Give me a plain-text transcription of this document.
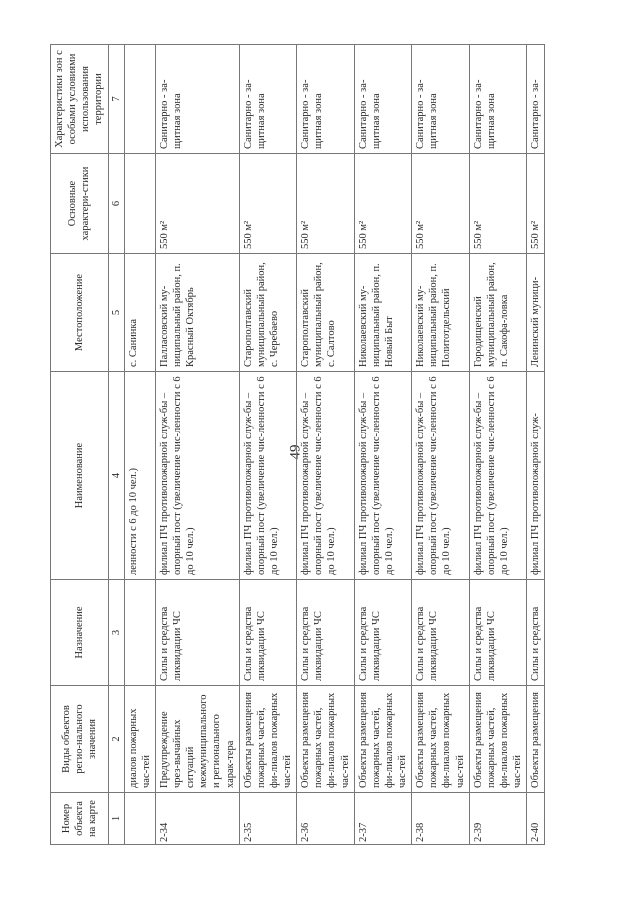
49
Номер объекта на карте	Виды объектов регио-нального значения	Назначение	Наименование	Местоположение	Основные характери-стики	Характеристики зон с особыми условиями использования территории
1	2	3	4	5	6	7
	диалов пожарных час-тей		ленности с 6 до 10 чел.)	с. Санинка		
2-34	Предупреждение чрез-вычайных ситуаций межмуниципального и регионального харак-тера	Силы и средства ликвидации ЧС	филиал ПЧ противопожарной служ-бы – опорный пост (увеличение чис-ленности с 6 до 10 чел.)	Палласовский му-ниципальный район, п. Красный Октябрь	550 м²	Санитарно - за-щитная зона
2-35	Объекты размещения пожарных частей, фи-лиалов пожарных час-тей	Силы и средства ликвидации ЧС	филиал ПЧ противопожарной служ-бы – опорный пост (увеличение чис-ленности с 6 до 10 чел.)	Старополтавский муниципальный район, с. Черебаево	550 м²	Санитарно - за-щитная зона
2-36	Объекты размещения пожарных частей, фи-лиалов пожарных час-тей	Силы и средства ликвидации ЧС	филиал ПЧ противопожарной служ-бы – опорный пост (увеличение чис-ленности с 6 до 10 чел.)	Старополтавский муниципальный район, с. Салтово	550 м²	Санитарно - за-щитная зона
2-37	Объекты размещения пожарных частей, фи-лиалов пожарных час-тей	Силы и средства ликвидации ЧС	филиал ПЧ противопожарной служ-бы – опорный пост (увеличение чис-ленности с 6 до 10 чел.)	Николаевский му-ниципальный район, п. Новый Быт	550 м²	Санитарно - за-щитная зона
2-38	Объекты размещения пожарных частей, фи-лиалов пожарных час-тей	Силы и средства ликвидации ЧС	филиал ПЧ противопожарной служ-бы – опорный пост (увеличение чис-ленности с 6 до 10 чел.)	Николаевский му-ниципальный район, п. Политотдельский	550 м²	Санитарно - за-щитная зона
2-39	Объекты размещения пожарных частей, фи-лиалов пожарных час-тей	Силы и средства ликвидации ЧС	филиал ПЧ противопожарной служ-бы – опорный пост (увеличение чис-ленности с 6 до 10 чел.)	Городищенский муниципальный район, п. Сакофа-ловка	550 м²	Санитарно - за-щитная зона
2-40	Объекты размещения	Силы и средства	филиал ПЧ противопожарной служ-	Ленинский муници-	550 м²	Санитарно - за-
